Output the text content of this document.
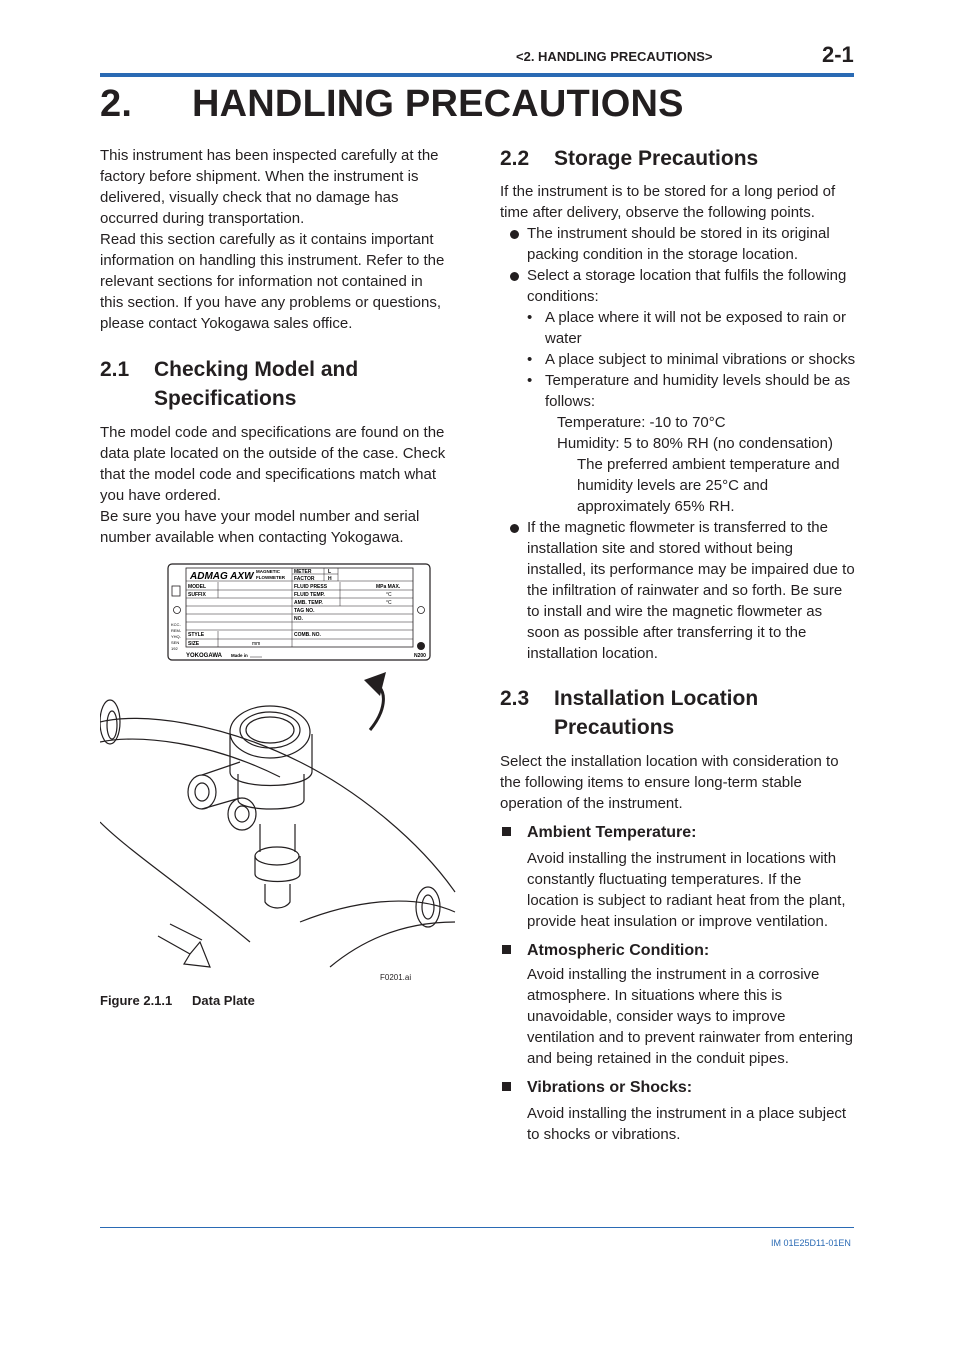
<2. HANDLING PRECAUTIONS>	2-1
2. HANDLING PRECAUTIONS

This instrument has been inspected carefully at the factory before shipment. When the instrument is delivered, visually check that no damage has occurred during transportation.

Read this section carefully as it contains important information on handling this instrument. Refer to the relevant sections for information not contained in this section. If you have any problems or questions, please contact Yokogawa sales office.

2.1 Checking Model and Specifications

The model code and specifications are found on the data plate located on the outside of the case. Check that the model code and specifications match what you have ordered.

Be sure you have your model number and serial number available when contacting Yokogawa.

ADMAG AXW MAGNETIC
FLOWMETER
METER
FACTOR
L
H
MODEL
SUFFIX
FLUID PRESS	MPa MAX.
FLUID TEMP.	°C
AMB. TEMP.	°C
TAG NO.
NO.
STYLE	COMB. NO.
SIZE	mm
YOKOGAWA Made in	N200
KCC-
REM-
YHQ-
SEN
192
F0201.ai
Figure 2.1.1 Data Plate
2.2 Storage Precautions

If the instrument is to be stored for a long period of time after delivery, observe the following points.

The instrument should be stored in its original packing condition in the storage location.
Select a storage location that fulfils the following conditions:
• A place where it will not be exposed to rain or water
• A place subject to minimal vibrations or shocks
• Temperature and humidity levels should be as follows:

Temperature: -10 to 70°C

Humidity: 5 to 80% RH (no condensation)

The preferred ambient temperature and humidity levels are 25°C and approximately 65% RH.

If the magnetic flowmeter is transferred to the installation site and stored without being installed, its performance may be impaired due to the infiltration of rainwater and so forth. Be sure to install and wire the magnetic flowmeter as soon as possible after transferring it to the installation location.
2.3 Installation Location Precautions

Select the installation location with consideration to the following items to ensure long-term stable operation of the instrument.

Ambient Temperature:

Avoid installing the instrument in locations with constantly fluctuating temperatures. If the location is subject to radiant heat from the plant, provide heat insulation or improve ventilation.

Atmospheric Condition:

Avoid installing the instrument in a corrosive atmosphere. In situations where this is unavoidable, consider ways to improve ventilation and to prevent rainwater from entering and being retained in the conduit pipes.

Vibrations or Shocks:

Avoid installing the instrument in a place subject to shocks or vibrations.

IM 01E25D11-01EN
